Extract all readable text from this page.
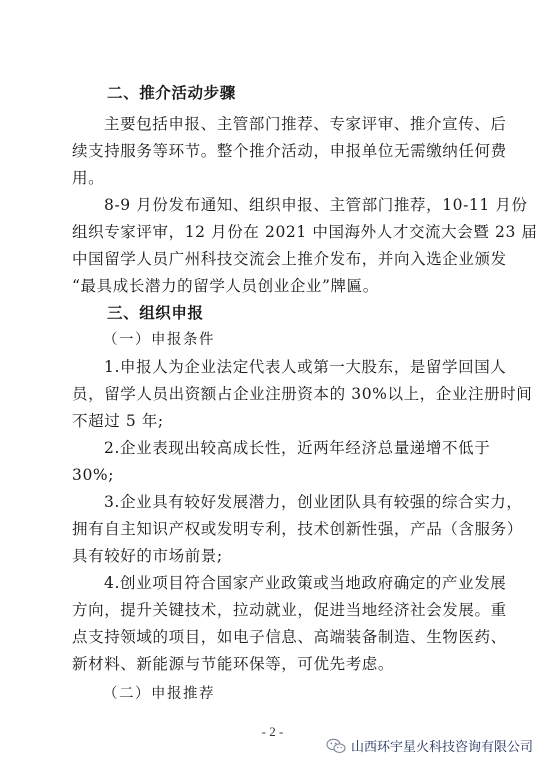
二、推介活动步骤
主要包括申报、主管部门推荐、专家评审、推介宣传、后
续支持服务等环节。整个推介活动，申报单位无需缴纳任何费
用。
8-9 月份发布通知、组织申报、主管部门推荐，10-11 月份
组织专家评审，12 月份在 2021 中国海外人才交流大会暨 23 届
中国留学人员广州科技交流会上推介发布，并向入选企业颁发
“最具成长潜力的留学人员创业企业”牌匾。
三、组织申报
（一）申报条件
1.申报人为企业法定代表人或第一大股东，是留学回国人
员，留学人员出资额占企业注册资本的 30%以上，企业注册时间
不超过 5 年;
2.企业表现出较高成长性，近两年经济总量递增不低于
30%;
3.企业具有较好发展潜力，创业团队具有较强的综合实力，
拥有自主知识产权或发明专利，技术创新性强，产品（含服务）
具有较好的市场前景;
4.创业项目符合国家产业政策或当地政府确定的产业发展
方向，提升关键技术，拉动就业，促进当地经济社会发展。重
点支持领域的项目，如电子信息、高端装备制造、生物医药、
新材料、新能源与节能环保等，可优先考虑。
（二）申报推荐
- 2 -
山西环宇星火科技咨询有限公司
